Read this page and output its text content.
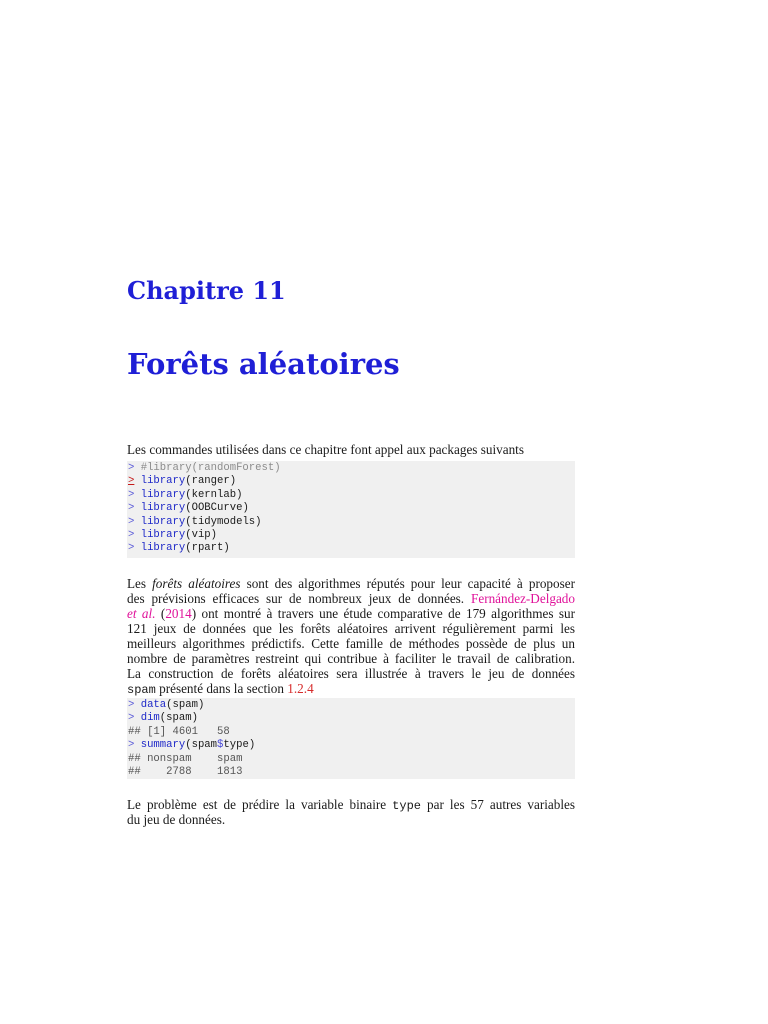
Chapitre 11
Forêts aléatoires
Les commandes utilisées dans ce chapitre font appel aux packages suivants
> #library(randomForest)
> library(ranger)
> library(kernlab)
> library(OOBCurve)
> library(tidymodels)
> library(vip)
> library(rpart)
Les forêts aléatoires sont des algorithmes réputés pour leur capacité à proposer
des prévisions efficaces sur de nombreux jeux de données. Fernández-Delgado
et al. (2014) ont montré à travers une étude comparative de 179 algorithmes sur
121 jeux de données que les forêts aléatoires arrivent régulièrement parmi les
meilleurs algorithmes prédictifs. Cette famille de méthodes possède de plus un
nombre de paramètres restreint qui contribue à faciliter le travail de calibration.
La construction de forêts aléatoires sera illustrée à travers le jeu de données
spam présenté dans la section 1.2.4
> data(spam)
> dim(spam)
## [1] 4601   58
> summary(spam$type)
## nonspam    spam
##    2788    1813
Le problème est de prédire la variable binaire type par les 57 autres variables
du jeu de données.
